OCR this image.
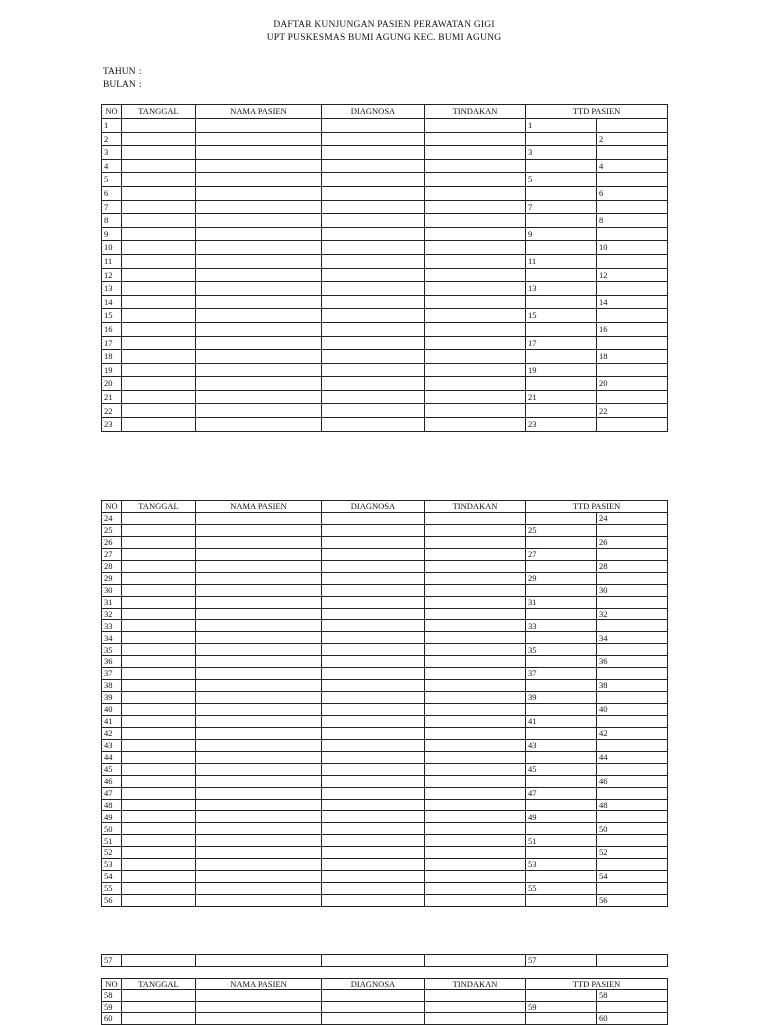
DAFTAR KUNJUNGAN PASIEN PERAWATAN GIGI
UPT PUSKESMAS BUMI AGUNG KEC. BUMI AGUNG
TAHUN :
BULAN :
NO	TANGGAL	NAMA PASIEN	DIAGNOSA	TINDAKAN	TTD PASIEN	
1					1	
2						2
3					3	
4						4
5					5	
6						6
7					7	
8						8
9					9	
10						10
11					11	
12						12
13					13	
14						14
15					15	
16						16
17					17	
18						18
19					19	
20						20
21					21	
22						22
23					23	
NO	TANGGAL	NAMA PASIEN	DIAGNOSA	TINDAKAN	TTD PASIEN	
24						24
25					25	
26						26
27					27	
28						28
29					29	
30						30
31					31	
32						32
33					33	
34						34
35					35	
36						36
37					37	
38						38
39					39	
40						40
41					41	
42						42
43					43	
44						44
45					45	
46						46
47					47	
48						48
49					49	
50						50
51					51	
52						52
53					53	
54						54
55					55	
56						56
57					57	
NO	TANGGAL	NAMA PASIEN	DIAGNOSA	TINDAKAN	TTD PASIEN	
58						58
59					59	
60						60
